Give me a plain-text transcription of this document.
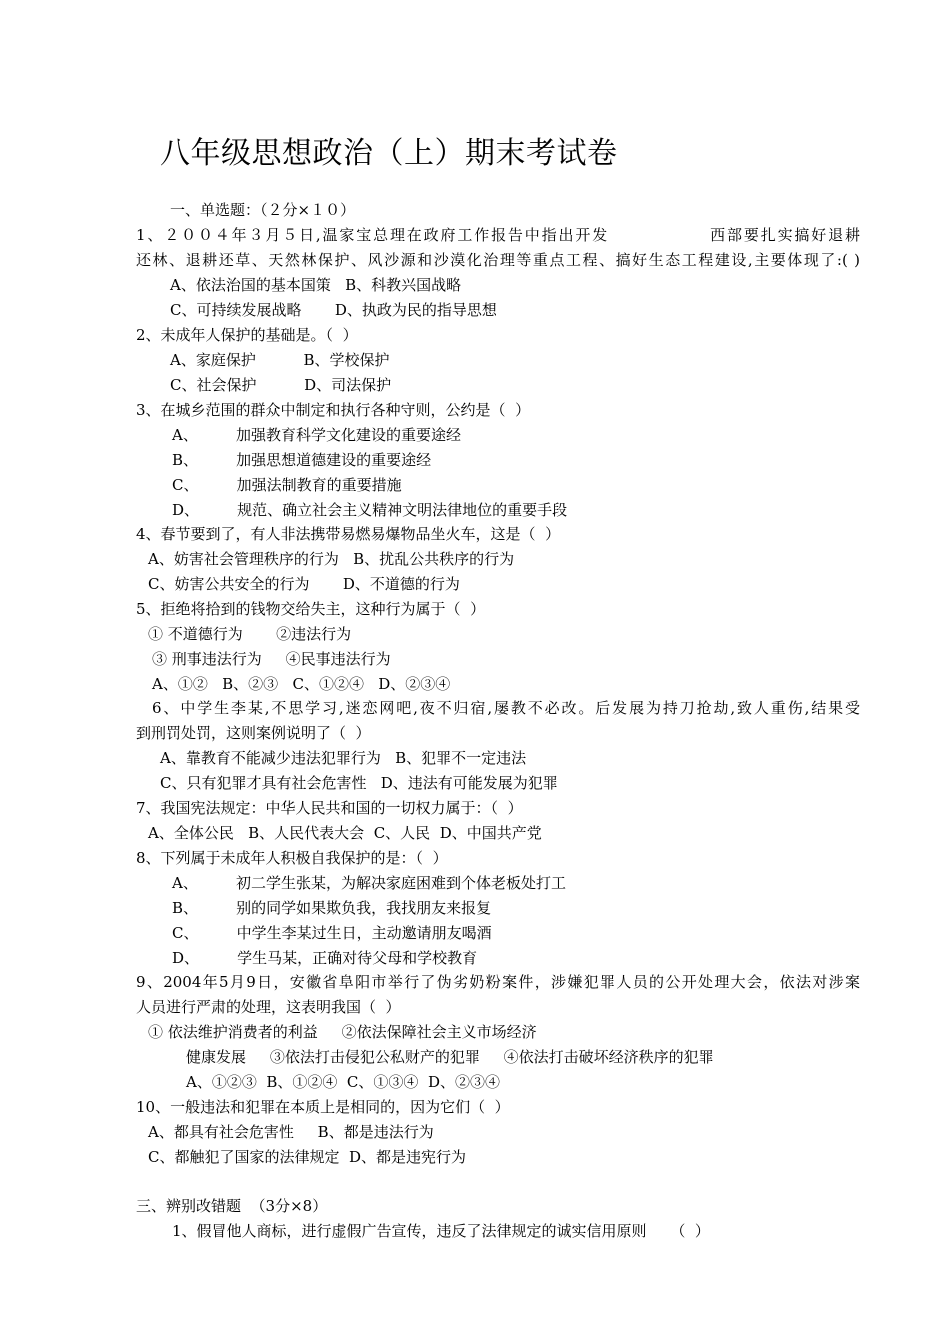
八年级思想政治（上）期末考试卷
一、单选题：（２分×１０）
1、２００４年３月５日,温家宝总理在政府工作报告中指出开发　　　　　　西部要扎实搞好退耕
还林、退耕还草、天然林保护、风沙源和沙漠化治理等重点工程、搞好生态工程建设,主要体现了:( )
A、依法治国的基本国策   B、科教兴国战略
C、可持续发展战略       D、执政为民的指导思想
2、未成年人保护的基础是。（  ）
A、家庭保护          B、学校保护
C、社会保护          D、司法保护
3、在城乡范围的群众中制定和执行各种守则，公约是（  ）
A、        加强教育科学文化建设的重要途经
B、        加强思想道德建设的重要途经
C、        加强法制教育的重要措施
D、        规范、确立社会主义精神文明法律地位的重要手段
4、春节要到了，有人非法携带易燃易爆物品坐火车，这是（  ）
A、妨害社会管理秩序的行为   B、扰乱公共秩序的行为
C、妨害公共安全的行为       D、不道德的行为
5、拒绝将拾到的钱物交给失主，这种行为属于（  ）
① 不道德行为       ②违法行为
③ 刑事违法行为     ④民事违法行为
A、①②   B、②③   C、①②④   D、②③④
6、中学生李某,不思学习,迷恋网吧,夜不归宿,屡教不必改。后发展为持刀抢劫,致人重伤,结果受
到刑罚处罚，这则案例说明了（  ）
A、靠教育不能减少违法犯罪行为   B、犯罪不一定违法
C、只有犯罪才具有社会危害性   D、违法有可能发展为犯罪
7、我国宪法规定：中华人民共和国的一切权力属于：（  ）
A、全体公民   B、人民代表大会  C、人民  D、中国共产党
8、下列属于未成年人积极自我保护的是：（  ）
A、        初二学生张某，为解决家庭困难到个体老板处打工
B、        别的同学如果欺负我，我找朋友来报复
C、        中学生李某过生日，主动邀请朋友喝酒
D、        学生马某，正确对待父母和学校教育
9、2004年5月9日，安徽省阜阳市举行了伪劣奶粉案件，涉嫌犯罪人员的公开处理大会，依法对涉案
人员进行严肃的处理，这表明我国（  ）
① 依法维护消费者的利益     ②依法保障社会主义市场经济
健康发展     ③依法打击侵犯公私财产的犯罪     ④依法打击破坏经济秩序的犯罪
A、①②③  B、①②④  C、①③④  D、②③④
10、一般违法和犯罪在本质上是相同的，因为它们（  ）
A、都具有社会危害性     B、都是违法行为
C、都触犯了国家的法律规定  D、都是违宪行为
三、辨别改错题  （3分×8）
1、假冒他人商标，进行虚假广告宣传，违反了法律规定的诚实信用原则     （  ）
